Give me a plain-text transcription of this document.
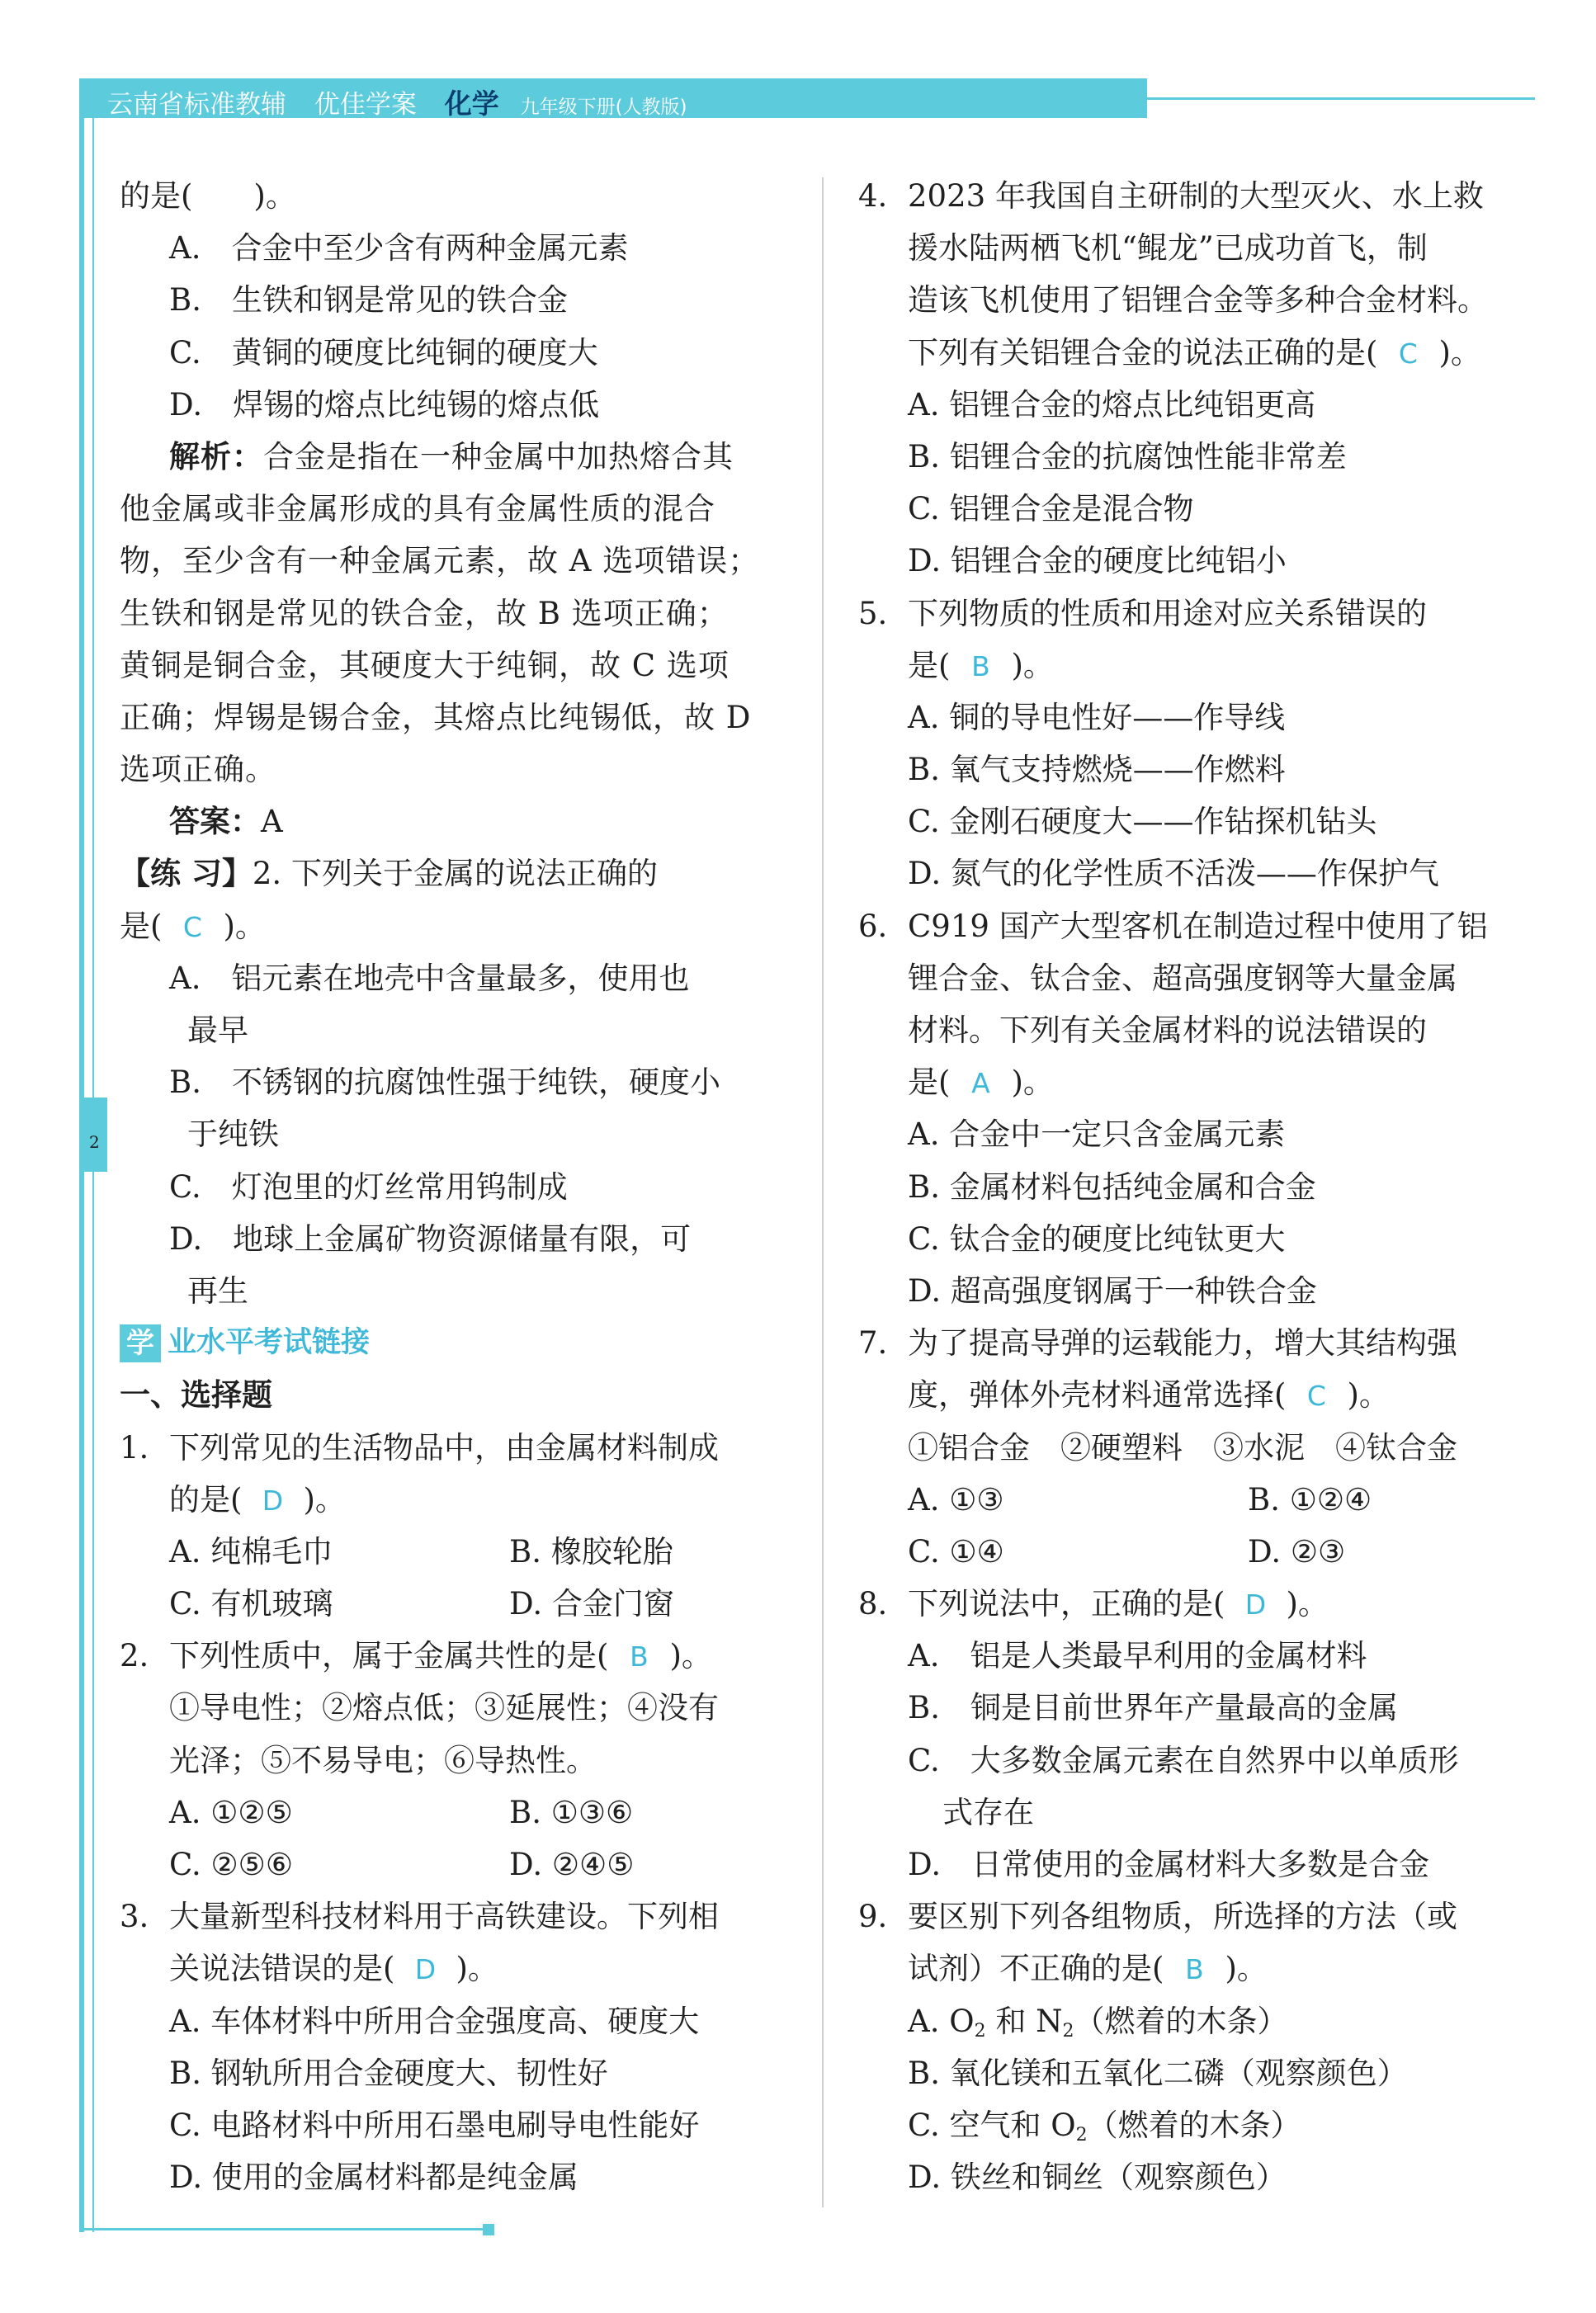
云南省标准教辅 优佳学案 化学 九年级下册(人教版)
2
的是(　　)。
A.　合金中至少含有两种金属元素
B.　生铁和钢是常见的铁合金
C.　黄铜的硬度比纯铜的硬度大
D.　焊锡的熔点比纯锡的熔点低
解析：合金是指在一种金属中加热熔合其
他金属或非金属形成的具有金属性质的混合
物，至少含有一种金属元素，故 A 选项错误；
生铁和钢是常见的铁合金，故 B 选项正确；
黄铜是铜合金，其硬度大于纯铜，故 C 选项
正确；焊锡是锡合金，其熔点比纯锡低，故 D
选项正确。
答案：A
【练 习】2. 下列关于金属的说法正确的
是( C )。
A.　铝元素在地壳中含量最多，使用也
最早
B.　不锈钢的抗腐蚀性强于纯铁，硬度小
于纯铁
C.　灯泡里的灯丝常用钨制成
D.　地球上金属矿物资源储量有限，可
再生
学 业水平考试链接
一、选择题
1. 下列常见的生活物品中，由金属材料制成
的是( D )。
A. 纯棉毛巾	B. 橡胶轮胎
C. 有机玻璃	D. 合金门窗
2. 下列性质中，属于金属共性的是( B )。
①导电性；②熔点低；③延展性；④没有
光泽；⑤不易导电；⑥导热性。
A. ①②⑤	B. ①③⑥
C. ②⑤⑥	D. ②④⑤
3. 大量新型科技材料用于高铁建设。下列相
关说法错误的是( D )。
A. 车体材料中所用合金强度高、硬度大
B. 钢轨所用合金硬度大、韧性好
C. 电路材料中所用石墨电刷导电性能好
D. 使用的金属材料都是纯金属
4. 2023 年我国自主研制的大型灭火、水上救
援水陆两栖飞机“鲲龙”已成功首飞，制
造该飞机使用了铝锂合金等多种合金材料。
下列有关铝锂合金的说法正确的是( C )。
A. 铝锂合金的熔点比纯铝更高
B. 铝锂合金的抗腐蚀性能非常差
C. 铝锂合金是混合物
D. 铝锂合金的硬度比纯铝小
5. 下列物质的性质和用途对应关系错误的
是( B )。
A. 铜的导电性好——作导线
B. 氧气支持燃烧——作燃料
C. 金刚石硬度大——作钻探机钻头
D. 氮气的化学性质不活泼——作保护气
6. C919 国产大型客机在制造过程中使用了铝
锂合金、钛合金、超高强度钢等大量金属
材料。下列有关金属材料的说法错误的
是( A )。
A. 合金中一定只含金属元素
B. 金属材料包括纯金属和合金
C. 钛合金的硬度比纯钛更大
D. 超高强度钢属于一种铁合金
7. 为了提高导弹的运载能力，增大其结构强
度，弹体外壳材料通常选择( C )。
①铝合金　②硬塑料　③水泥　④钛合金
A. ①③	B. ①②④
C. ①④	D. ②③
8. 下列说法中，正确的是( D )。
A.　铝是人类最早利用的金属材料
B.　铜是目前世界年产量最高的金属
C.　大多数金属元素在自然界中以单质形
式存在
D.　日常使用的金属材料大多数是合金
9. 要区别下列各组物质，所选择的方法（或
试剂）不正确的是( B )。
A. $O_2$ 和 $N_2$（燃着的木条）
B. 氧化镁和五氧化二磷（观察颜色）
C. 空气和 $O_2$（燃着的木条）
D. 铁丝和铜丝（观察颜色）
